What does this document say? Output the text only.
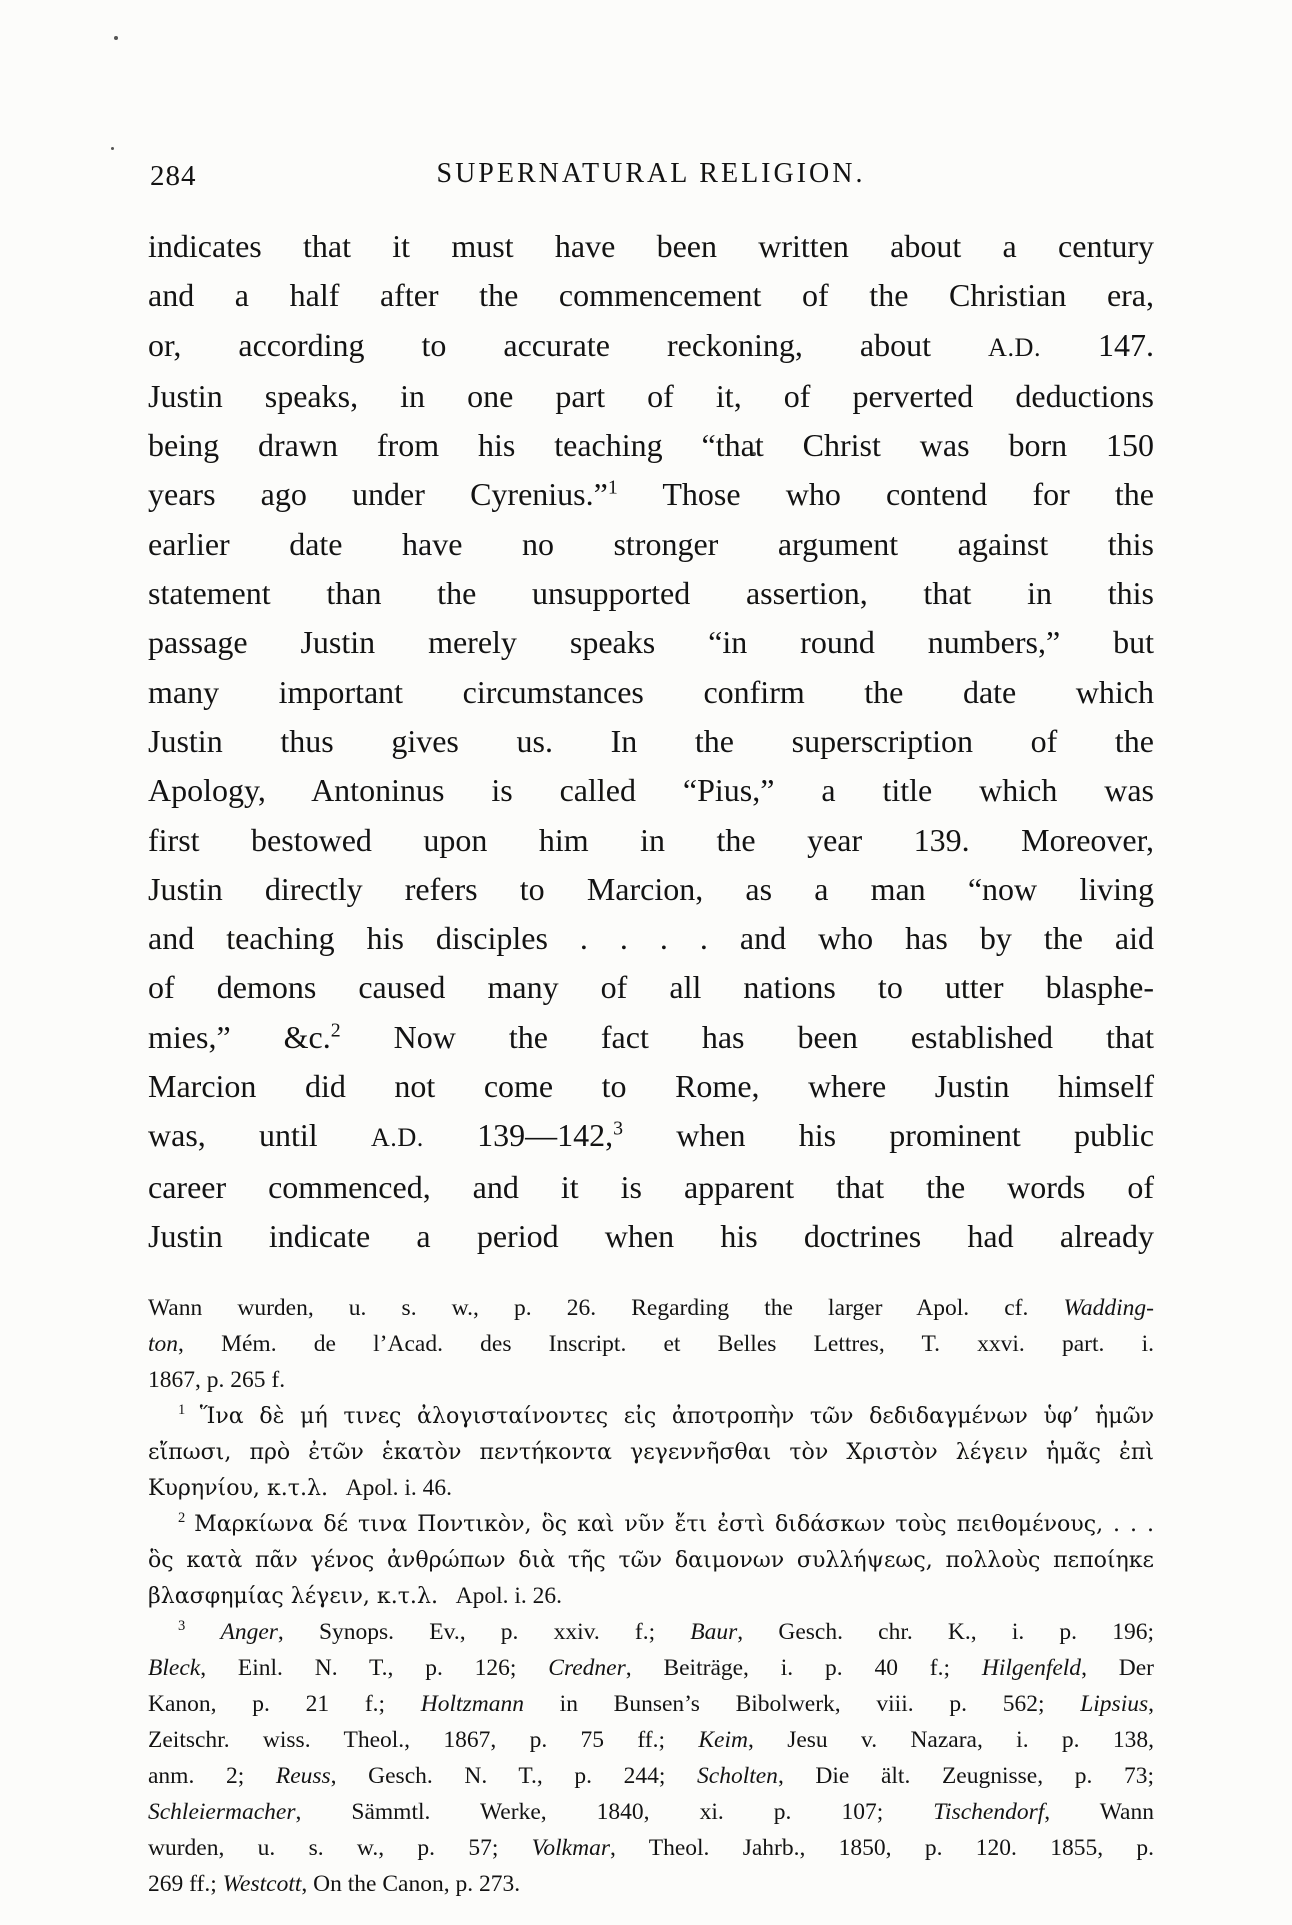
284	SUPERNATURAL RELIGION.
indicates that it must have been written about a century
and a half after the commencement of the Christian era,
or, according to accurate reckoning, about A.D. 147.
Justin speaks, in one part of it, of perverted deductions
being drawn from his teaching “that Christ was born 150
years ago under Cyrenius.”$^1$ Those who contend for the
earlier date have no stronger argument against this
statement than the unsupported assertion, that in this
passage Justin merely speaks “in round numbers,” but
many important circumstances confirm the date which
Justin thus gives us. In the superscription of the
Apology, Antoninus is called “Pius,” a title which was
first bestowed upon him in the year 139. Moreover,
Justin directly refers to Marcion, as a man “now living
and teaching his disciples . . . . and who has by the aid
of demons caused many of all nations to utter blasphe-
mies,” &c.$^2$ Now the fact has been established that
Marcion did not come to Rome, where Justin himself
was, until A.D. 139—142,$^3$ when his prominent public
career commenced, and it is apparent that the words of
Justin indicate a period when his doctrines had already
Wann wurden, u. s. w., p. 26. Regarding the larger Apol. cf. Wadding-
ton, Mém. de l’Acad. des Inscript. et Belles Lettres, T. xxvi. part. i.
1867, p. 265 f.
$^1$ Ἵνα δὲ μή τινες ἀλογισταίνοντες εἰς ἀποτροπὴν τῶν δεδιδαγμένων ὑφ’ ἡμῶν
εἴπωσι, πρὸ ἐτῶν ἑκατὸν πεντήκοντα γεγεννῆσθαι τὸν Χριστὸν λέγειν ἡμᾶς ἐπὶ
Κυρηνίου, κ.τ.λ.  Apol. i. 46.
$^2$ Μαρκίωνα δέ τινα Ποντικὸν, ὃς καὶ νῦν ἔτι ἐστὶ διδάσκων τοὺς πειθομένους, . . .
ὃς κατὰ πᾶν γένος ἀνθρώπων διὰ τῆς τῶν δαιμονων συλλήψεως, πολλοὺς πεποίηκε
βλασφημίας λέγειν, κ.τ.λ.  Apol. i. 26.
$^3$ Anger, Synops. Ev., p. xxiv. f.; Baur, Gesch. chr. K., i. p. 196;
Bleck, Einl. N. T., p. 126; Credner, Beiträge, i. p. 40 f.; Hilgenfeld, Der
Kanon, p. 21 f.; Holtzmann in Bunsen’s Bibolwerk, viii. p. 562; Lipsius,
Zeitschr. wiss. Theol., 1867, p. 75 ff.; Keim, Jesu v. Nazara, i. p. 138,
anm. 2; Reuss, Gesch. N. T., p. 244; Scholten, Die ält. Zeugnisse, p. 73;
Schleiermacher, Sämmtl. Werke, 1840, xi. p. 107; Tischendorf, Wann
wurden, u. s. w., p. 57; Volkmar, Theol. Jahrb., 1850, p. 120. 1855, p.
269 ff.; Westcott, On the Canon, p. 273.
